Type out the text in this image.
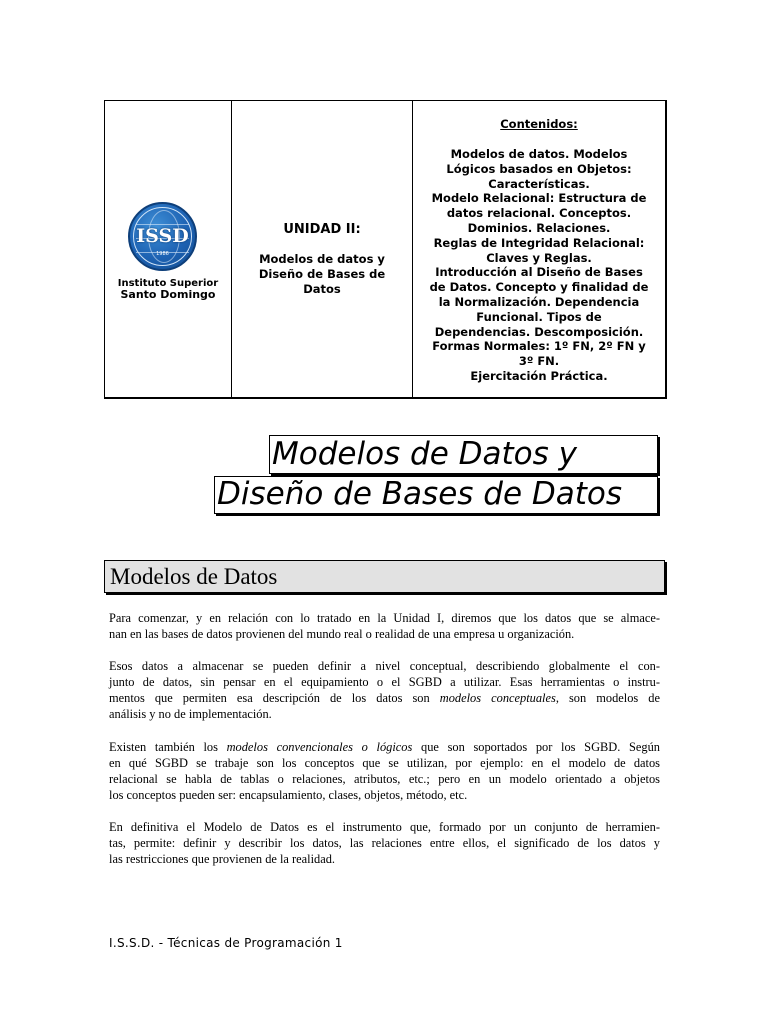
ISSD
1986
Instituto Superior
Santo Domingo
UNIDAD II:
Modelos de datos y
Diseño de Bases de
Datos
Contenidos:
Modelos de datos. Modelos
Lógicos basados en Objetos:
Características.
Modelo Relacional: Estructura de
datos relacional. Conceptos.
Dominios. Relaciones.
Reglas de Integridad Relacional:
Claves y Reglas.
Introducción al Diseño de Bases
de Datos. Concepto y finalidad de
la Normalización. Dependencia
Funcional. Tipos de
Dependencias. Descomposición.
Formas Normales: 1º FN, 2º FN y
3º FN.
Ejercitación Práctica.
Modelos de Datos y
Diseño de Bases de Datos
Modelos de Datos
Para comenzar, y en relación con lo tratado en la Unidad I, diremos que los datos que se almace-
nan en las bases de datos provienen del mundo real o realidad de una empresa u organización.
Esos datos a almacenar se pueden definir a nivel conceptual, describiendo globalmente el con-
junto de datos, sin pensar en el equipamiento o el SGBD a utilizar. Esas herramientas o instru-
mentos que permiten esa descripción de los datos son modelos conceptuales, son modelos de
análisis y no de implementación.
Existen también los modelos convencionales o lógicos que son soportados por los SGBD. Según
en qué SGBD se trabaje son los conceptos que se utilizan, por ejemplo: en el modelo de datos
relacional se habla de tablas o relaciones, atributos, etc.; pero en un modelo orientado a objetos
los conceptos pueden ser: encapsulamiento, clases, objetos, método, etc.
En definitiva el Modelo de Datos es el instrumento que, formado por un conjunto de herramien-
tas, permite: definir y describir los datos, las relaciones entre ellos, el significado de los datos y
las restricciones que provienen de la realidad.
I.S.S.D. - Técnicas de Programación 1
